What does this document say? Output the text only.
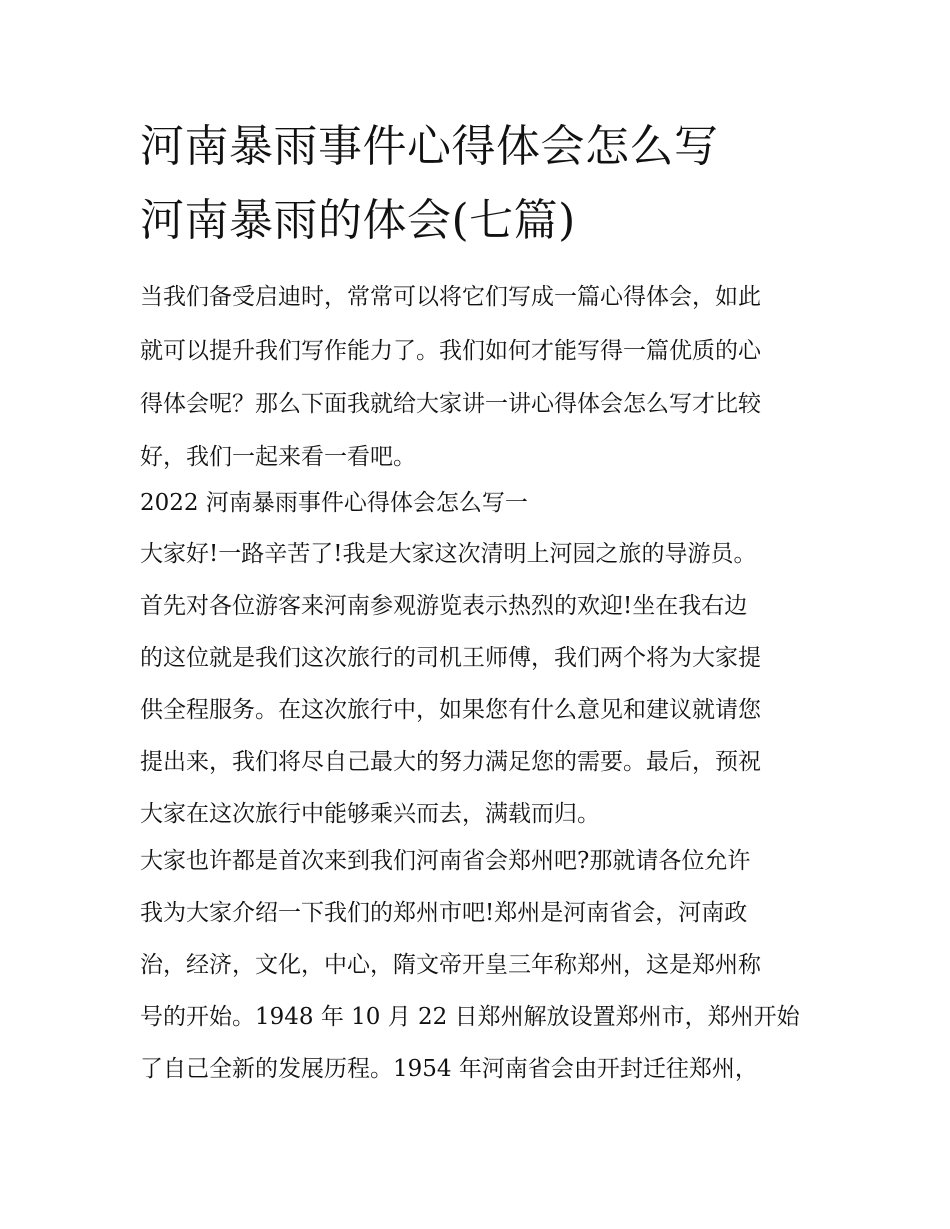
河南暴雨事件心得体会怎么写
河南暴雨的体会(七篇)
当我们备受启迪时，常常可以将它们写成一篇心得体会，如此
就可以提升我们写作能力了。我们如何才能写得一篇优质的心
得体会呢？那么下面我就给大家讲一讲心得体会怎么写才比较
好，我们一起来看一看吧。
2022 河南暴雨事件心得体会怎么写一
大家好!一路辛苦了!我是大家这次清明上河园之旅的导游员。
首先对各位游客来河南参观游览表示热烈的欢迎!坐在我右边
的这位就是我们这次旅行的司机王师傅，我们两个将为大家提
供全程服务。在这次旅行中，如果您有什么意见和建议就请您
提出来，我们将尽自己最大的努力满足您的需要。最后，预祝
大家在这次旅行中能够乘兴而去，满载而归。
大家也许都是首次来到我们河南省会郑州吧?那就请各位允许
我为大家介绍一下我们的郑州市吧!郑州是河南省会，河南政
治，经济，文化，中心，隋文帝开皇三年称郑州，这是郑州称
号的开始。1948 年 10 月 22 日郑州解放设置郑州市，郑州开始
了自己全新的发展历程。1954 年河南省会由开封迁往郑州，
